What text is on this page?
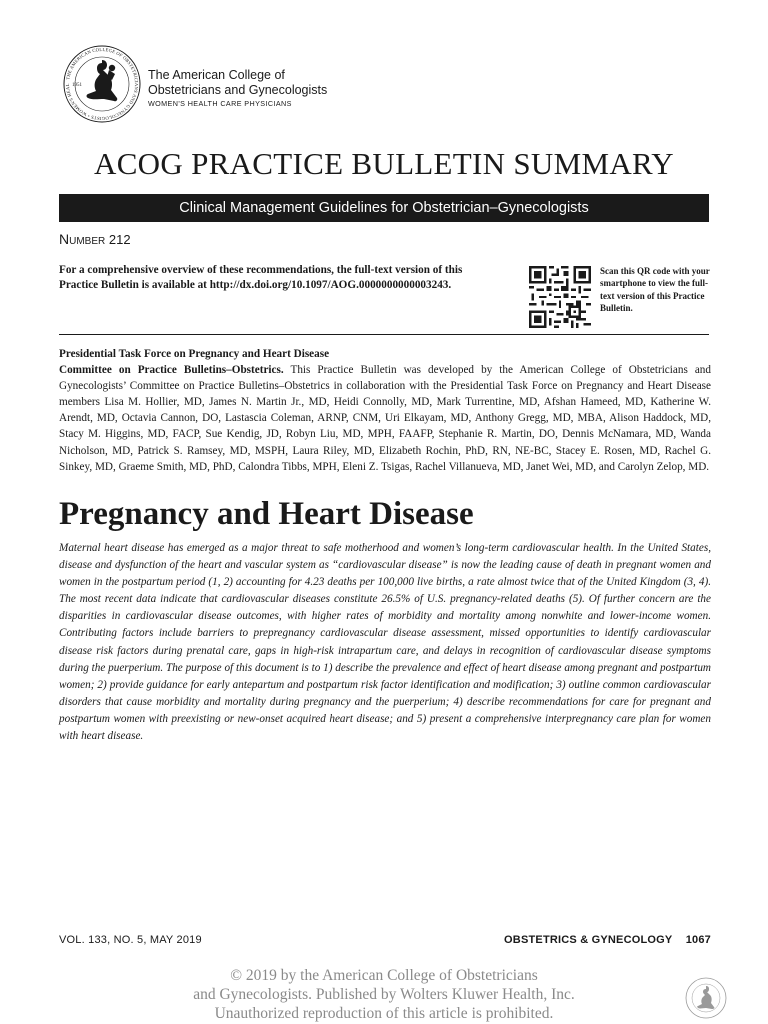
1951
THE AMERICAN COLLEGE OF OBSTETRICIANS AND GYNECOLOGISTS • WOMEN'S HEAL
The American College of
Obstetricians and Gynecologists
WOMEN'S HEALTH CARE PHYSICIANS
ACOG PRACTICE BULLETIN SUMMARY
Clinical Management Guidelines for Obstetrician–Gynecologists
Number 212
For a comprehensive overview of these recommendations, the full-text version of this Practice Bulletin is available at http://dx.doi.org/10.1097/AOG.0000000000003243.
Scan this QR code with your smartphone to view the full-text version of this Practice Bulletin.
Presidential Task Force on Pregnancy and Heart Disease
Committee on Practice Bulletins–Obstetrics. This Practice Bulletin was developed by the American College of Obstetricians and Gynecologists’ Committee on Practice Bulletins–Obstetrics in collaboration with the Presidential Task Force on Pregnancy and Heart Disease members Lisa M. Hollier, MD, James N. Martin Jr., MD, Heidi Connolly, MD, Mark Turrentine, MD, Afshan Hameed, MD, Katherine W. Arendt, MD, Octavia Cannon, DO, Lastascia Coleman, ARNP, CNM, Uri Elkayam, MD, Anthony Gregg, MD, MBA, Alison Haddock, MD, Stacy M. Higgins, MD, FACP, Sue Kendig, JD, Robyn Liu, MD, MPH, FAAFP, Stephanie R. Martin, DO, Dennis McNamara, MD, Wanda Nicholson, MD, Patrick S. Ramsey, MD, MSPH, Laura Riley, MD, Elizabeth Rochin, PhD, RN, NE-BC, Stacey E. Rosen, MD, Rachel G. Sinkey, MD, Graeme Smith, MD, PhD, Calondra Tibbs, MPH, Eleni Z. Tsigas, Rachel Villanueva, MD, Janet Wei, MD, and Carolyn Zelop, MD.
Pregnancy and Heart Disease
Maternal heart disease has emerged as a major threat to safe motherhood and women’s long-term cardiovascular health. In the United States, disease and dysfunction of the heart and vascular system as “cardiovascular disease” is now the leading cause of death in pregnant women and women in the postpartum period (1, 2) accounting for 4.23 deaths per 100,000 live births, a rate almost twice that of the United Kingdom (3, 4). The most recent data indicate that cardiovascular diseases constitute 26.5% of U.S. pregnancy-related deaths (5). Of further concern are the disparities in cardiovascular disease outcomes, with higher rates of morbidity and mortality among nonwhite and lower-income women. Contributing factors include barriers to prepregnancy cardiovascular disease assessment, missed opportunities to identify cardiovascular disease risk factors during prenatal care, gaps in high-risk intrapartum care, and delays in recognition of cardiovascular disease symptoms during the puerperium. The purpose of this document is to 1) describe the prevalence and effect of heart disease among pregnant and postpartum women; 2) provide guidance for early antepartum and postpartum risk factor identification and modification; 3) outline common cardiovascular disorders that cause morbidity and mortality during pregnancy and the puerperium; 4) describe recommendations for care for pregnant and postpartum women with preexisting or new-onset acquired heart disease; and 5) present a comprehensive interpregnancy care plan for women with heart disease.
VOL. 133, NO. 5, MAY 2019	OBSTETRICS & GYNECOLOGY 1067
© 2019 by the American College of Obstetricians
and Gynecologists. Published by Wolters Kluwer Health, Inc.
Unauthorized reproduction of this article is prohibited.
